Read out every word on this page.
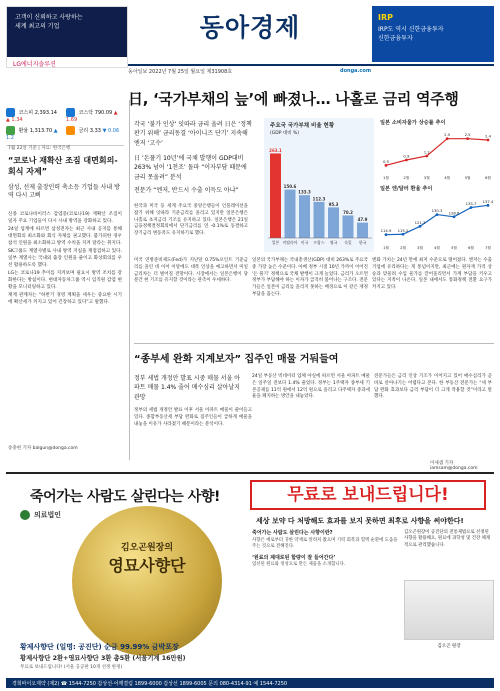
고객이 신뢰하고 사랑하는
세계 최고의 기업
LG에너지솔루션
동아경제	IRP
IRP도 역시 신한금융투자
신한금융투자
동아일보 2022년 7월 25일 월요일 제31908호	donga.com
코스피 2,393.14 ▲ 1.34
코스닥 790.09 ▲ 1.69
환율 1,313.70 ▲ 1.2
금리 3.33 ▼ 0.06
7월 22일 기준 | 자료: 한국은행
“코로나 재확산 조짐 대면회의-회식 자제”
삼성, 선제 출장인력 축소등 기업들 사내 방역 다시 고삐

신종 코로나바이러스 감염증(코로나19) 재확산 조짐이 일자 주요 기업들이 다시 사내 방역을 강화하고 있다.

24일 업계에 따르면 삼성전자는 최근 사내 공지를 통해 대면회의 최소화와 회식 자제를 권고했다. 불가피한 경우 참석 인원을 최소화하고 방역 수칙을 지켜 달라는 취지다.

SK그룹도 계열사별로 사내 방역 지침을 재점검하고 있다. 일부 계열사는 국내외 출장 인원을 줄이고 화상회의를 우선 활용하도록 했다.

LG는 코로나19 추이를 지켜보며 필요시 방역 조치를 강화한다는 방침이다. 현대자동차그룹 역시 임직원 감염 현황을 모니터링하고 있다.

재계 관계자는 “하반기 경영 계획을 세우는 중요한 시기에 확산세가 커지고 있어 긴장하고 있다”고 말했다.

송충현 기자 balgun@donga.com
日, ‘국가부채의 늪’에 빠졌나… 나홀로 금리 역주행
각국 ‘불가 인상’ 잇따라 금리 올려 日은 ‘정책 판기 위해’ 금리동결 ‘아이니즈 단기’ 지속해 엔저 ‘고수’
日 ‘돈풀기 10년’에 국채 발행이 GDP대비 263% 넘어 ‘1천조’ 돌파 “이자부담 때문에 금리 못올려” 분석
전문가 “엔저, 반드시 수출 이득도 아냐”
주요국 국가부채 비율 현황
(GDP 대비 %)
263.1
일본
150.6
이탈리아
133.3
미국
112.3
프랑스
95.3
영국
70.2
독일
47.9
한국
일본 소비자물가 상승률 추이
0.5
1월
0.9
2월
1.2
3월
2.5
4월
2.5
5월
2.4
6월
일본 엔/달러 환율 추이
114.9
1월
115.2
2월
121.3
3월
130.3
4월
128.6
5월
135.7
6월
137.4
7월
한국과 미국 등 세계 주요국 중앙은행들이 인플레이션을 잡기 위해 잇따라 기준금리를 올리고 있지만 일본은행은 나홀로 초저금리 기조를 유지하고 있다. 일본은행은 21일 금융정책결정회의에서 단기금리를 연 -0.1%로 동결하고 장기금리 변동폭도 유지하기로 했다.
미국 연방준비제도(Fed)가 지난달 0.75%포인트 기준금리를 올린 데 이어 이달에도 대폭 인상을 예고하면서 미일 금리차는 더 벌어질 전망이다. 시장에서는 일본은행이 당분간 현 기조를 유지할 것이라는 관측이 우세하다.
일본의 국가부채는 국내총생산(GDP) 대비 263%로 주요국 중 가장 높은 수준이다. 아베 정부 시절 10년 가까이 이어진 ‘돈 풀기’ 정책으로 국채 발행이 크게 늘었다. 금리가 오르면 정부가 부담해야 하는 이자가 급격히 불어나는 구조다. 전문가들은 일본이 금리를 올리지 못하는 배경으로 이 같은 재정 부담을 꼽는다.
엔화 가치는 24년 만에 최저 수준으로 떨어졌다. 엔저는 수출 기업에 유리하다는 게 통념이지만, 최근에는 원자재 가격 상승과 맞물려 수입 물가를 끌어올리면서 가계 부담을 키우고 있다는 지적이 나온다. 일본 내에서도 통화정책 전환 요구가 커지고 있다.
“종부세 완화 지계보자” 집주인 매물 거둬들여
정부 세법 개정안 발표 시중 매물 서울 아파트 매물 1.4% 줄어 매수심리 살아날지 관망
정부의 세법 개정안 발표 이후 서울 아파트 매물이 줄어들고 있다. 종합부동산세 부담 완화로 집주인들이 급하게 매물을 내놓을 이유가 사라졌기 때문이라는 분석이다.
24일 부동산 빅데이터 업체 아실에 따르면 서울 아파트 매물은 일주일 전보다 1.4% 줄었다. 정부는 1주택자 종부세 기본공제를 11억 원에서 12억 원으로 올리고 다주택자 중과세율을 폐지하는 방안을 내놓았다.
전문가들은 금리 인상 기조가 이어지고 있어 매수심리가 곧바로 살아나기는 어렵다고 본다. 한 부동산 전문가는 “세 부담 완화 효과보다 금리 부담이 더 크게 작용할 것”이라고 말했다.
이새샘 기자 iamsam@donga.com
죽어가는 사람도 살린다는 사향!
의료법인
김오곤원장의
영묘사향단
황제사향단 (일명: 공진단) 순금 99.99% 금박포장
황제사향단 2환+영묘사향단 3환 총5환 (서울기계 16만원)
무료로 보내드립니다! (서울 공공판 10개 선정 한정)
무료로 보내드립니다!
세상 보약 다 처방해도 효과를 보지 못하면 최후로 사향을 써야한다!
죽어가는 사람도 살린다는 사향이란?
사향은 예로부터 귀한 약재로 알려져 왔으며 기력 회복과 혈액 순환에 도움을 주는 것으로 전해진다.
‘원료의 제대로된 함량이 잘 들어간다’
엄선된 원료와 정성으로 만든 제품을 소개합니다.
김오곤원장이 공진단의 전통제법으로 선정된 사향을 활용해요, 원료에 과학성 및 건강 체계적으로 관리했습니다.
김오곤 원장
경희바이오제약 (제2) ☎ 1544-7250 갑상선·어깨결림 1899-6000 갑상선 1899-6005 문의 080-4314-91 예 1544-7250
